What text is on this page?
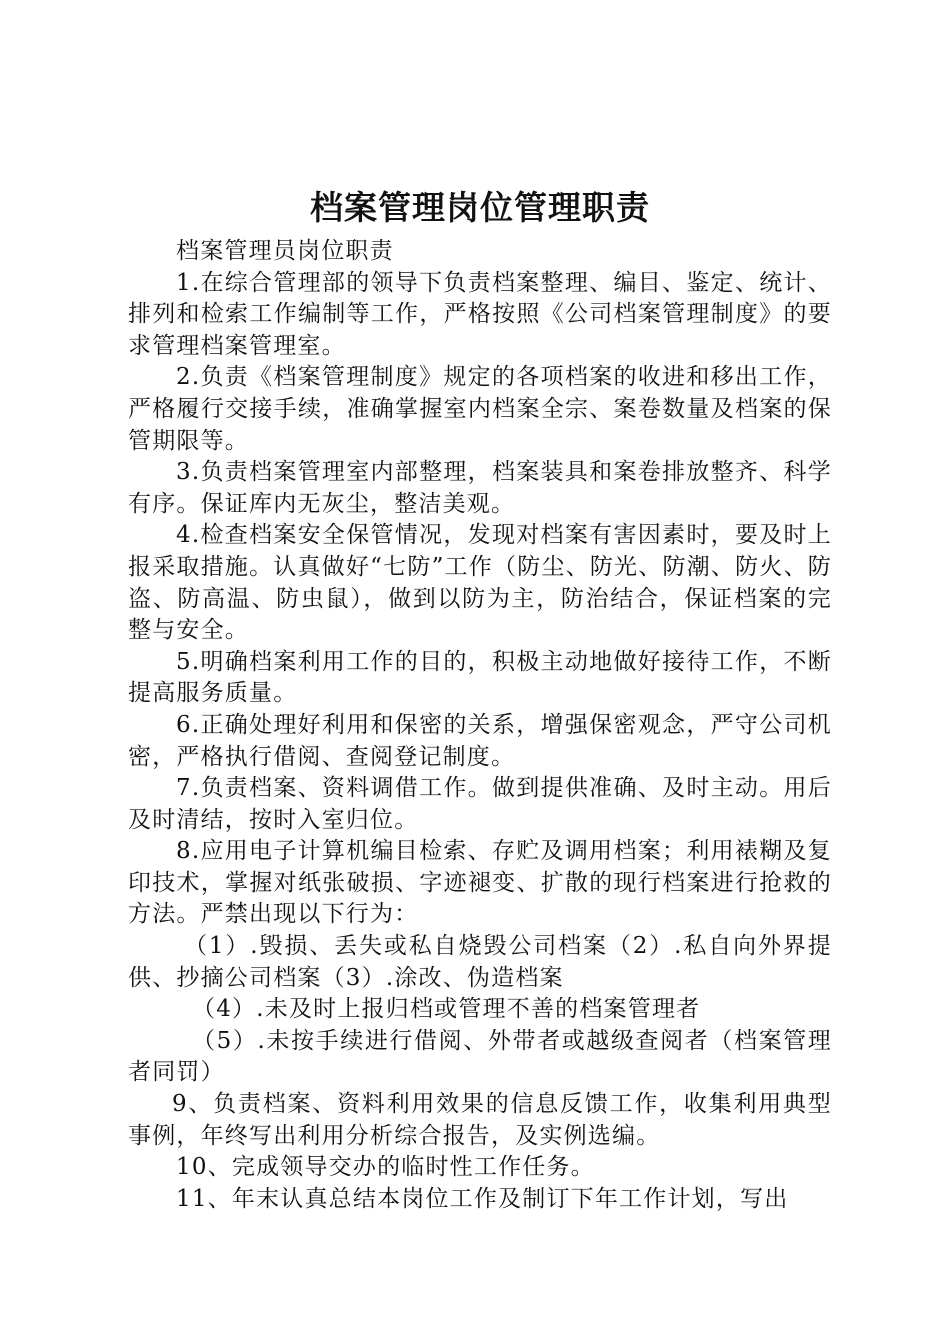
档案管理岗位管理职责

档案管理员岗位职责

1.在综合管理部的领导下负责档案整理、编目、鉴定、统计、排列和检索工作编制等工作，严格按照《公司档案管理制度》的要求管理档案管理室。

2.负责《档案管理制度》规定的各项档案的收进和移出工作，严格履行交接手续，准确掌握室内档案全宗、案卷数量及档案的保管期限等。

3.负责档案管理室内部整理，档案装具和案卷排放整齐、科学有序。保证库内无灰尘，整洁美观。

4.检查档案安全保管情况，发现对档案有害因素时，要及时上报采取措施。认真做好“七防”工作（防尘、防光、防潮、防火、防盗、防高温、防虫鼠），做到以防为主，防治结合，保证档案的完整与安全。

5.明确档案利用工作的目的，积极主动地做好接待工作，不断提高服务质量。

6.正确处理好利用和保密的关系，增强保密观念，严守公司机密，严格执行借阅、查阅登记制度。

7.负责档案、资料调借工作。做到提供准确、及时主动。用后及时清结，按时入室归位。

8.应用电子计算机编目检索、存贮及调用档案；利用裱糊及复印技术，掌握对纸张破损、字迹褪变、扩散的现行档案进行抢救的方法。严禁出现以下行为：

（1）.毁损、丢失或私自烧毁公司档案（2）.私自向外界提供、抄摘公司档案（3）.涂改、伪造档案

（4）.未及时上报归档或管理不善的档案管理者

（5）.未按手续进行借阅、外带者或越级查阅者（档案管理者同罚）

9、负责档案、资料利用效果的信息反馈工作，收集利用典型事例，年终写出利用分析综合报告，及实例选编。

10、完成领导交办的临时性工作任务。

11、年末认真总结本岗位工作及制订下年工作计划，写出
